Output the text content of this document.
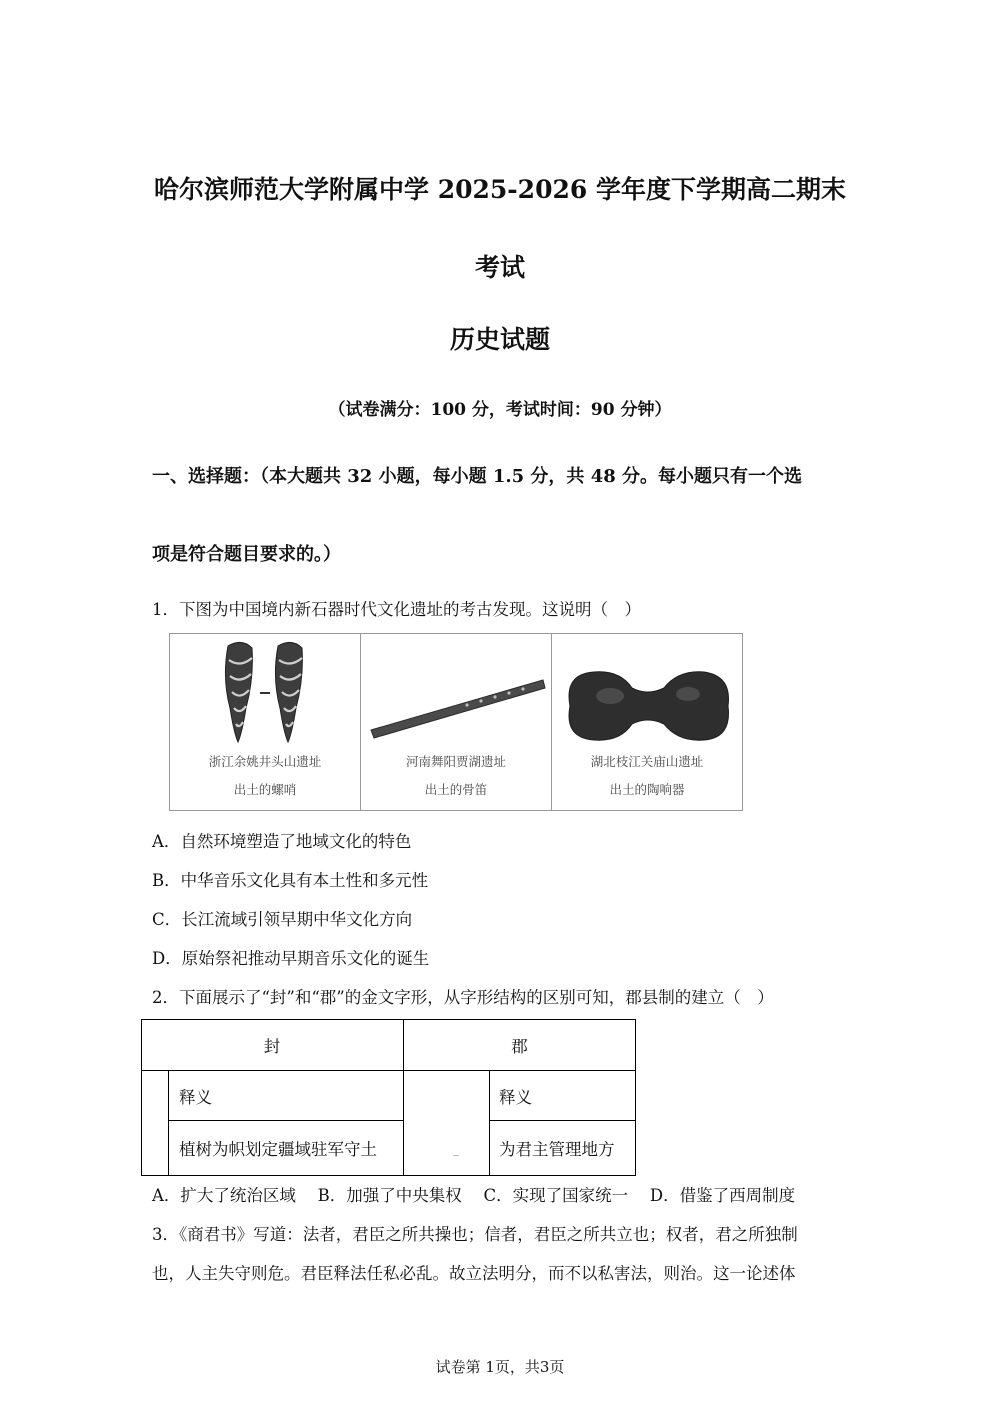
哈尔滨师范大学附属中学 2025-2026 学年度下学期高二期末
考试
历史试题
（试卷满分：100 分，考试时间：90 分钟）
一、选择题：（本大题共 32 小题，每小题 1.5 分，共 48 分。每小题只有一个选
项是符合题目要求的。）
1．下图为中国境内新石器时代文化遗址的考古发现。这说明（　）
浙江余姚井头山遗址
出土的螺哨
河南舞阳贾湖遗址
出土的骨笛
湖北枝江关庙山遗址
出土的陶响器
A．自然环境塑造了地域文化的特色
B．中华音乐文化具有本土性和多元性
C．长江流域引领早期中华文化方向
D．原始祭祀推动早期音乐文化的诞生
2．下面展示了“封”和“郡”的金文字形，从字形结构的区别可知，郡县制的建立（　）
封	郡
释义	释义
植树为帜划定疆域驻军守土	为君主管理地方
A．扩大了统治区域　 B．加强了中央集权　 C．实现了国家统一　 D．借鉴了西周制度
3．《商君书》写道：法者，君臣之所共操也；信者，君臣之所共立也；权者，君之所独制
也，人主失守则危。君臣释法任私必乱。故立法明分，而不以私害法，则治。这一论述体
试卷第 1页，共3页
